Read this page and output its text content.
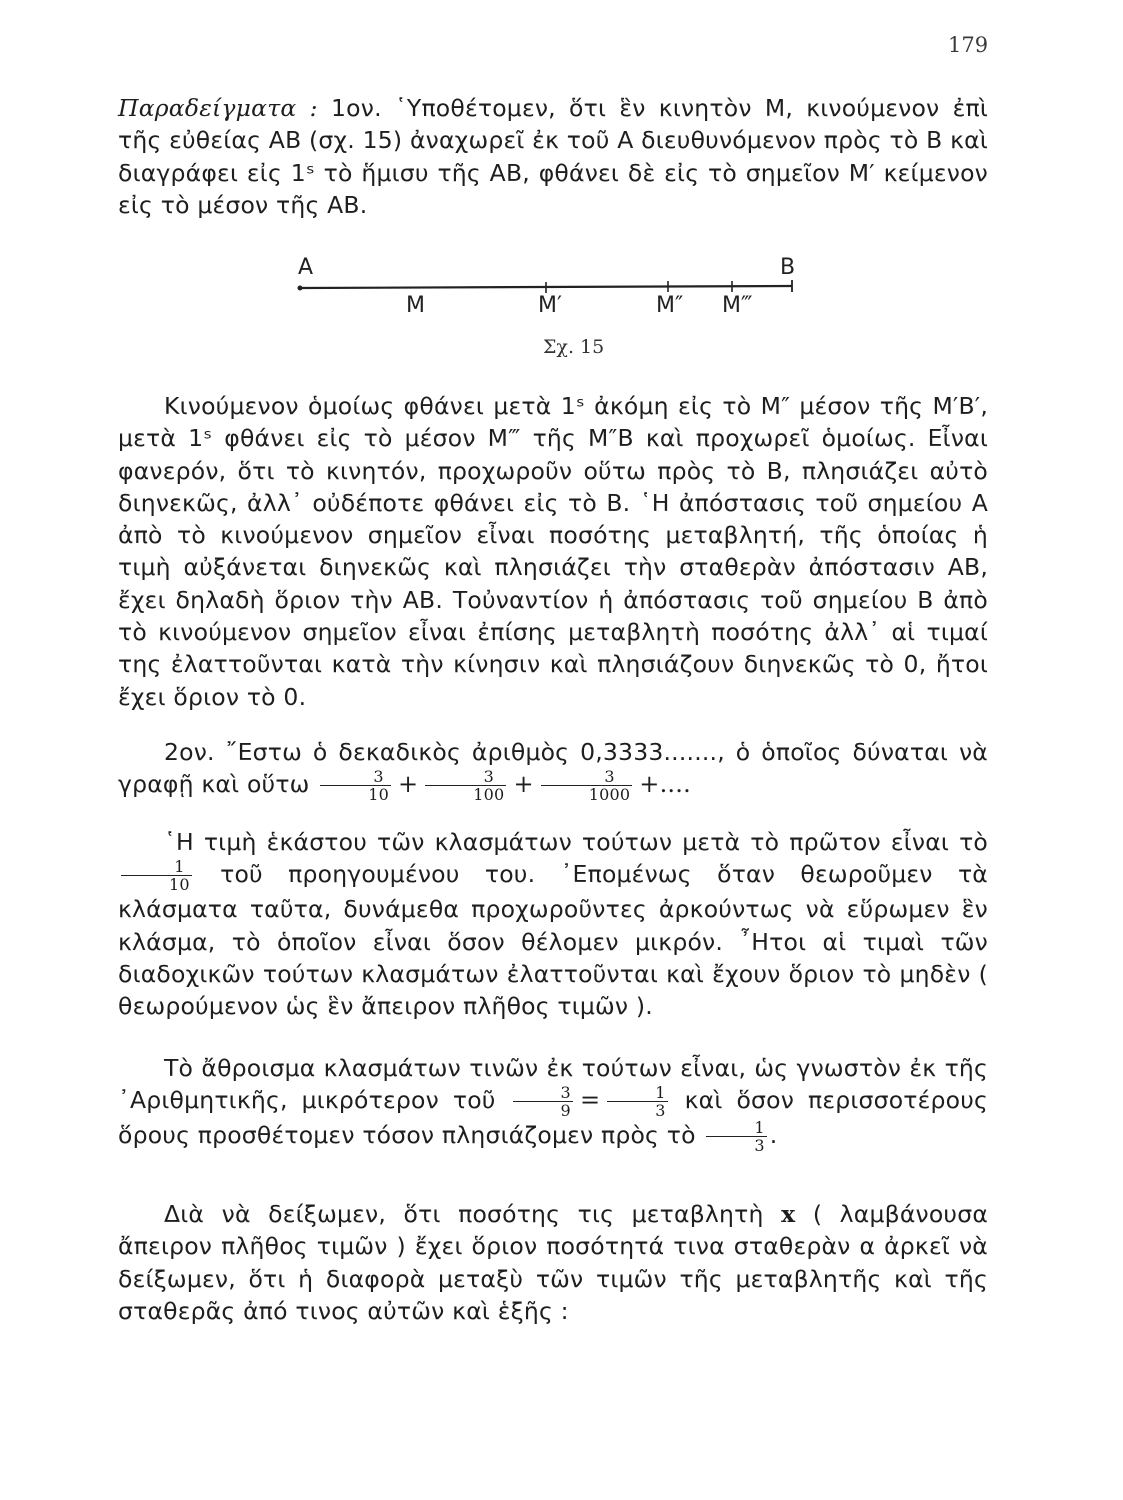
179

Παραδείγματα : 1ον. ῾Υποθέτομεν, ὅτι ἓν κινητὸν Μ, κινούμενον ἐπὶ τῆς εὐθείας ΑΒ (σχ. 15) ἀναχωρεῖ ἐκ τοῦ Α διευθυνόμενον πρὸς τὸ Β καὶ διαγράφει εἰς 1ˢ τὸ ἥμισυ τῆς ΑΒ, φθάνει δὲ εἰς τὸ σημεῖον Μ′ κείμενον εἰς τὸ μέσον τῆς ΑΒ.

A	B
M	M′	M″ M‴
Σχ. 15

Κινούμενον ὁμοίως φθάνει μετὰ 1ˢ ἀκόμη εἰς τὸ Μ″ μέσον τῆς Μ′Β′, μετὰ 1ˢ φθάνει εἰς τὸ μέσον Μ‴ τῆς Μ″Β καὶ προχωρεῖ ὁμοίως. Εἶναι φανερόν, ὅτι τὸ κινητόν, προχωροῦν οὕτω πρὸς τὸ Β, πλησιάζει αὐτὸ διηνεκῶς, ἀλλ᾽ οὐδέποτε φθάνει εἰς τὸ Β. ῾Η ἀπόστασις τοῦ σημείου Α ἀπὸ τὸ κινούμενον σημεῖον εἶναι ποσότης μεταβλητή, τῆς ὁποίας ἡ τιμὴ αὐξάνεται διηνεκῶς καὶ πλησιάζει τὴν σταθερὰν ἀπόστασιν ΑΒ, ἔχει δηλαδὴ ὅριον τὴν ΑΒ. Τοὐναντίον ἡ ἀπόστασις τοῦ σημείου Β ἀπὸ τὸ κινούμενον σημεῖον εἶναι ἐπίσης μεταβλητὴ ποσότης ἀλλ᾽ αἱ τιμαί της ἐλαττοῦνται κατὰ τὴν κίνησιν καὶ πλησιάζουν διηνεκῶς τὸ 0, ἤτοι ἔχει ὅριον τὸ 0.

2ον. ῎Εστω ὁ δεκαδικὸς ἀριθμὸς 0,3333......., ὁ ὁποῖος δύναται νὰ γραφῇ καὶ οὕτω $\frac{3}{10} + \frac{3}{100} + \frac{3}{1000}$ +....

῾Η τιμὴ ἑκάστου τῶν κλασμάτων τούτων μετὰ τὸ πρῶτον εἶναι τὸ
$\frac{1}{10}$ τοῦ προηγουμένου του. ᾿Επομένως ὅταν θεωροῦμεν τὰ κλάσματα ταῦτα, δυνάμεθα προχωροῦντες ἀρκούντως νὰ εὕρωμεν ἓν κλάσμα, τὸ ὁποῖον εἶναι ὅσον θέλομεν μικρόν. ῏Ητοι αἱ τιμαὶ τῶν διαδοχικῶν τούτων κλασμάτων ἐλαττοῦνται καὶ ἔχουν ὅριον τὸ μηδὲν ( θεωρούμενον ὡς ἓν ἄπειρον πλῆθος τιμῶν ).

Τὸ ἄθροισμα κλασμάτων τινῶν ἐκ τούτων εἶναι, ὡς γνωστὸν ἐκ τῆς ᾿Αριθμητικῆς, μικρότερον τοῦ $\frac{3}{9} = \frac{1}{3}$ καὶ ὅσον περισσοτέρους ὅρους προσθέτομεν τόσον πλησιάζομεν πρὸς τὸ $\frac{1}{3}$ .

Διὰ νὰ δείξωμεν, ὅτι ποσότης τις μεταβλητὴ x ( λαμβάνουσα ἄπειρον πλῆθος τιμῶν ) ἔχει ὅριον ποσότητά τινα σταθερὰν α ἀρκεῖ νὰ δείξωμεν, ὅτι ἡ διαφορὰ μεταξὺ τῶν τιμῶν τῆς μεταβλητῆς καὶ τῆς σταθερᾶς ἀπό τινος αὐτῶν καὶ ἑξῆς :
